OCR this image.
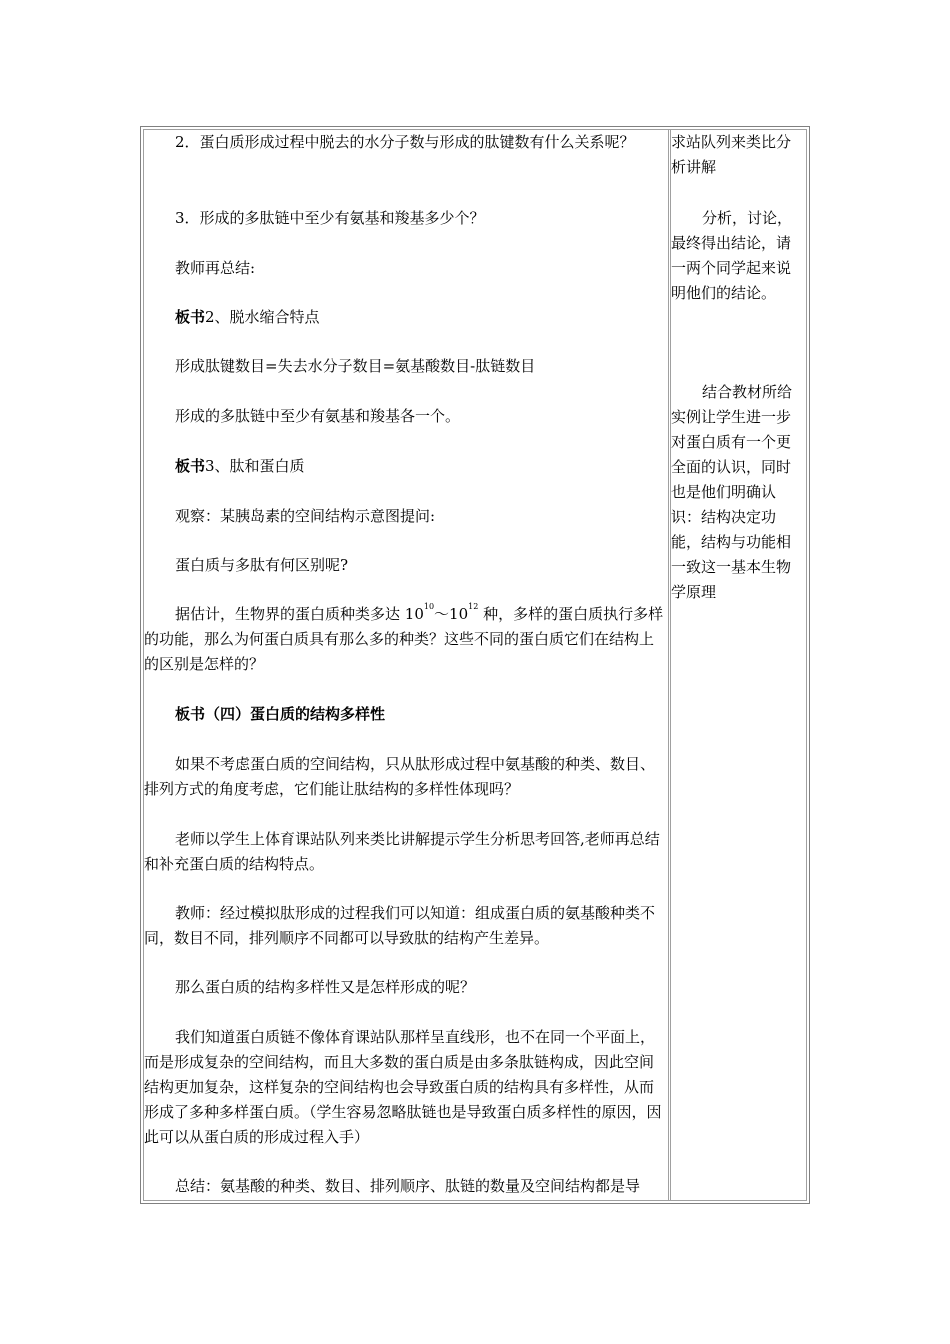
2．蛋白质形成过程中脱去的水分子数与形成的肽键数有什么关系呢？

3．形成的多肽链中至少有氨基和羧基多少个？

教师再总结:

板书2、脱水缩合特点

形成肽键数目=失去水分子数目=氨基酸数目-肽链数目

形成的多肽链中至少有氨基和羧基各一个。

板书3、肽和蛋白质

观察：某胰岛素的空间结构示意图提问:

蛋白质与多肽有何区别呢?

据估计，生物界的蛋白质种类多达 $10^{10}\sim 10^{12}$ 种，多样的蛋白质执行多样的功能，那么为何蛋白质具有那么多的种类？这些不同的蛋白质它们在结构上的区别是怎样的？

板书（四）蛋白质的结构多样性

如果不考虑蛋白质的空间结构，只从肽形成过程中氨基酸的种类、数目、排列方式的角度考虑，它们能让肽结构的多样性体现吗？

老师以学生上体育课站队列来类比讲解提示学生分析思考回答,老师再总结和补充蛋白质的结构特点。

教师：经过模拟肽形成的过程我们可以知道：组成蛋白质的氨基酸种类不同，数目不同，排列顺序不同都可以导致肽的结构产生差异。

那么蛋白质的结构多样性又是怎样形成的呢？

我们知道蛋白质链不像体育课站队那样呈直线形，也不在同一个平面上，而是形成复杂的空间结构，而且大多数的蛋白质是由多条肽链构成，因此空间结构更加复杂，这样复杂的空间结构也会导致蛋白质的结构具有多样性，从而形成了多种多样蛋白质。（学生容易忽略肽链也是导致蛋白质多样性的原因，因此可以从蛋白质的形成过程入手）

总结：氨基酸的种类、数目、排列顺序、肽链的数量及空间结构都是导

求站队列来类比分析讲解

分析，讨论，最终得出结论，请一两个同学起来说明他们的结论。

结合教材所给实例让学生进一步对蛋白质有一个更全面的认识，同时也是他们明确认识：结构决定功能，结构与功能相一致这一基本生物学原理
